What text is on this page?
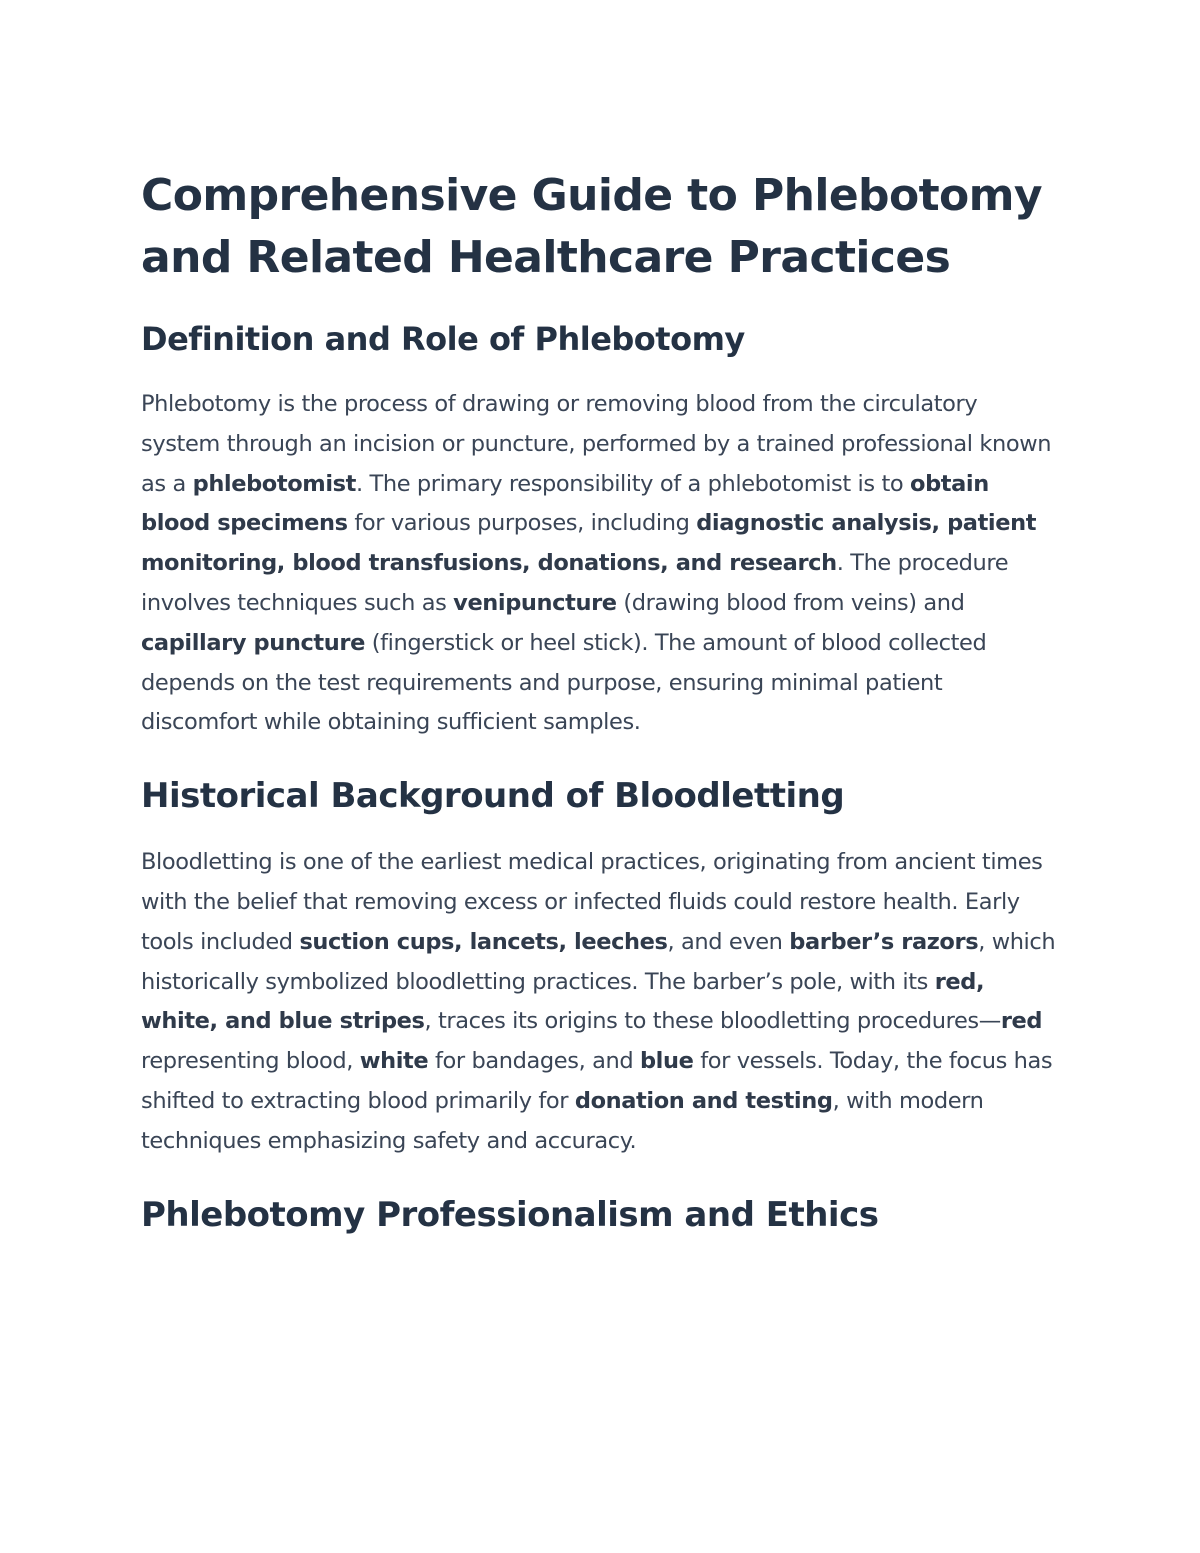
Comprehensive Guide to Phlebotomy and Related Healthcare Practices
Definition and Role of Phlebotomy

Phlebotomy is the process of drawing or removing blood from the circulatory system through an incision or puncture, performed by a trained professional known as a phlebotomist. The primary responsibility of a phlebotomist is to obtain blood specimens for various purposes, including diagnostic analysis, patient monitoring, blood transfusions, donations, and research. The procedure involves techniques such as venipuncture (drawing blood from veins) and capillary puncture (fingerstick or heel stick). The amount of blood collected depends on the test requirements and purpose, ensuring minimal patient discomfort while obtaining sufficient samples.

Historical Background of Bloodletting

Bloodletting is one of the earliest medical practices, originating from ancient times with the belief that removing excess or infected fluids could restore health. Early tools included suction cups, lancets, leeches, and even barber’s razors, which historically symbolized bloodletting practices. The barber’s pole, with its red, white, and blue stripes, traces its origins to these bloodletting procedures—red representing blood, white for bandages, and blue for vessels. Today, the focus has shifted to extracting blood primarily for donation and testing, with modern techniques emphasizing safety and accuracy.

Phlebotomy Professionalism and Ethics
